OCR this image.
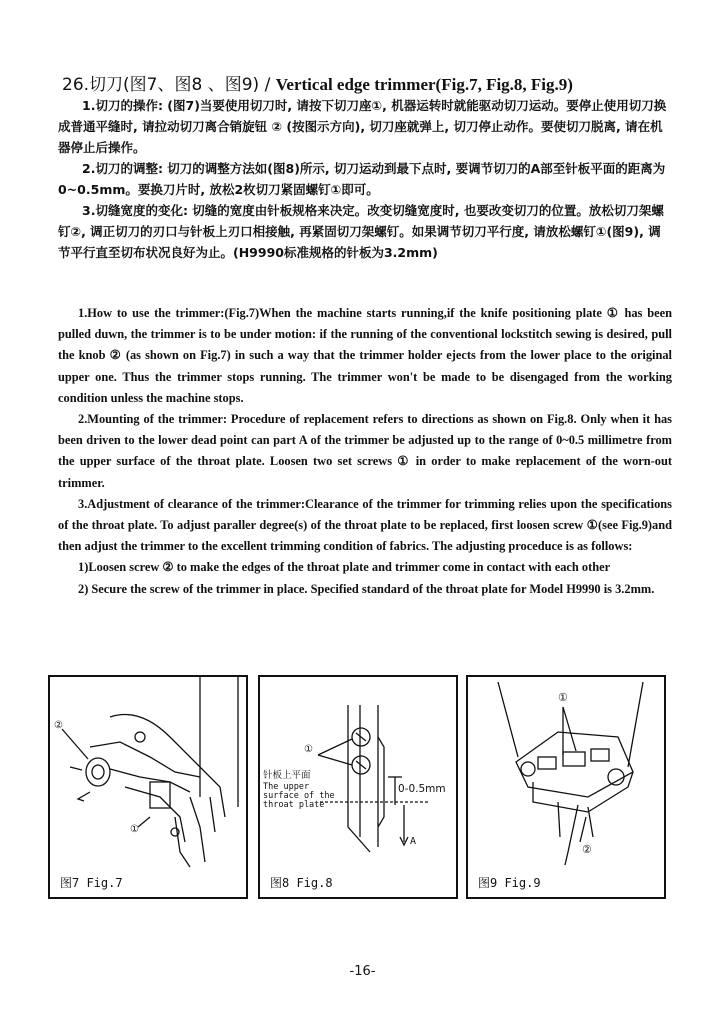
26.切刀(图7、图8 、图9) / Vertical edge trimmer(Fig.7, Fig.8, Fig.9)

1.切刀的操作: (图7)当要使用切刀时, 请按下切刀座①, 机器运转时就能驱动切刀运动。要停止使用切刀换成普通平缝时, 请拉动切刀离合销旋钮 ② (按图示方向), 切刀座就弹上, 切刀停止动作。要使切刀脱离, 请在机器停止后操作。

2.切刀的调整: 切刀的调整方法如(图8)所示, 切刀运动到最下点时, 要调节切刀的A部至针板平面的距离为0~0.5mm。要换刀片时, 放松2枚切刀紧固螺钉①即可。

3.切缝宽度的变化: 切缝的宽度由针板规格来决定。改变切缝宽度时, 也要改变切刀的位置。放松切刀架螺钉②, 调正切刀的刃口与针板上刃口相接触, 再紧固切刀架螺钉。如果调节切刀平行度, 请放松螺钉①(图9), 调节平行直至切布状况良好为止。(H9990标准规格的针板为3.2mm)

1.How to use the trimmer:(Fig.7)When the machine starts running,if the knife positioning plate ① has been pulled duwn, the trimmer is to be under motion: if the running of the conventional lockstitch sewing is desired, pull the knob ② (as shown on Fig.7) in such a way that the trimmer holder ejects from the lower place to the original upper one. Thus the trimmer stops running. The trimmer won't be made to be disengaged from the working condition unless the machine stops.

2.Mounting of the trimmer: Procedure of replacement refers to directions as shown on Fig.8. Only when it has been driven to the lower dead point can part A of the trimmer be adjusted up to the range of 0~0.5 millimetre from the upper surface of the throat plate. Loosen two set screws ① in order to make replacement of the worn-out trimmer.

3.Adjustment of clearance of the trimmer:Clearance of the trimmer for trimming relies upon the specifications of the throat plate. To adjust paraller degree(s) of the throat plate to be replaced, first loosen screw ①(see Fig.9)and then adjust the trimmer to the excellent trimming condition of fabrics. The adjusting proceduce is as follows:

1)Loosen screw ② to make the edges of the throat plate and trimmer come in contact with each other

2) Secure the screw of the trimmer in place. Specified standard of the throat plate for Model H9990 is 3.2mm.

②
①
图7 Fig.7
①
针板上平面
The upper
surface of the
throat plate
0-0.5mm
A
图8 Fig.8
①
②
图9 Fig.9
-16-
